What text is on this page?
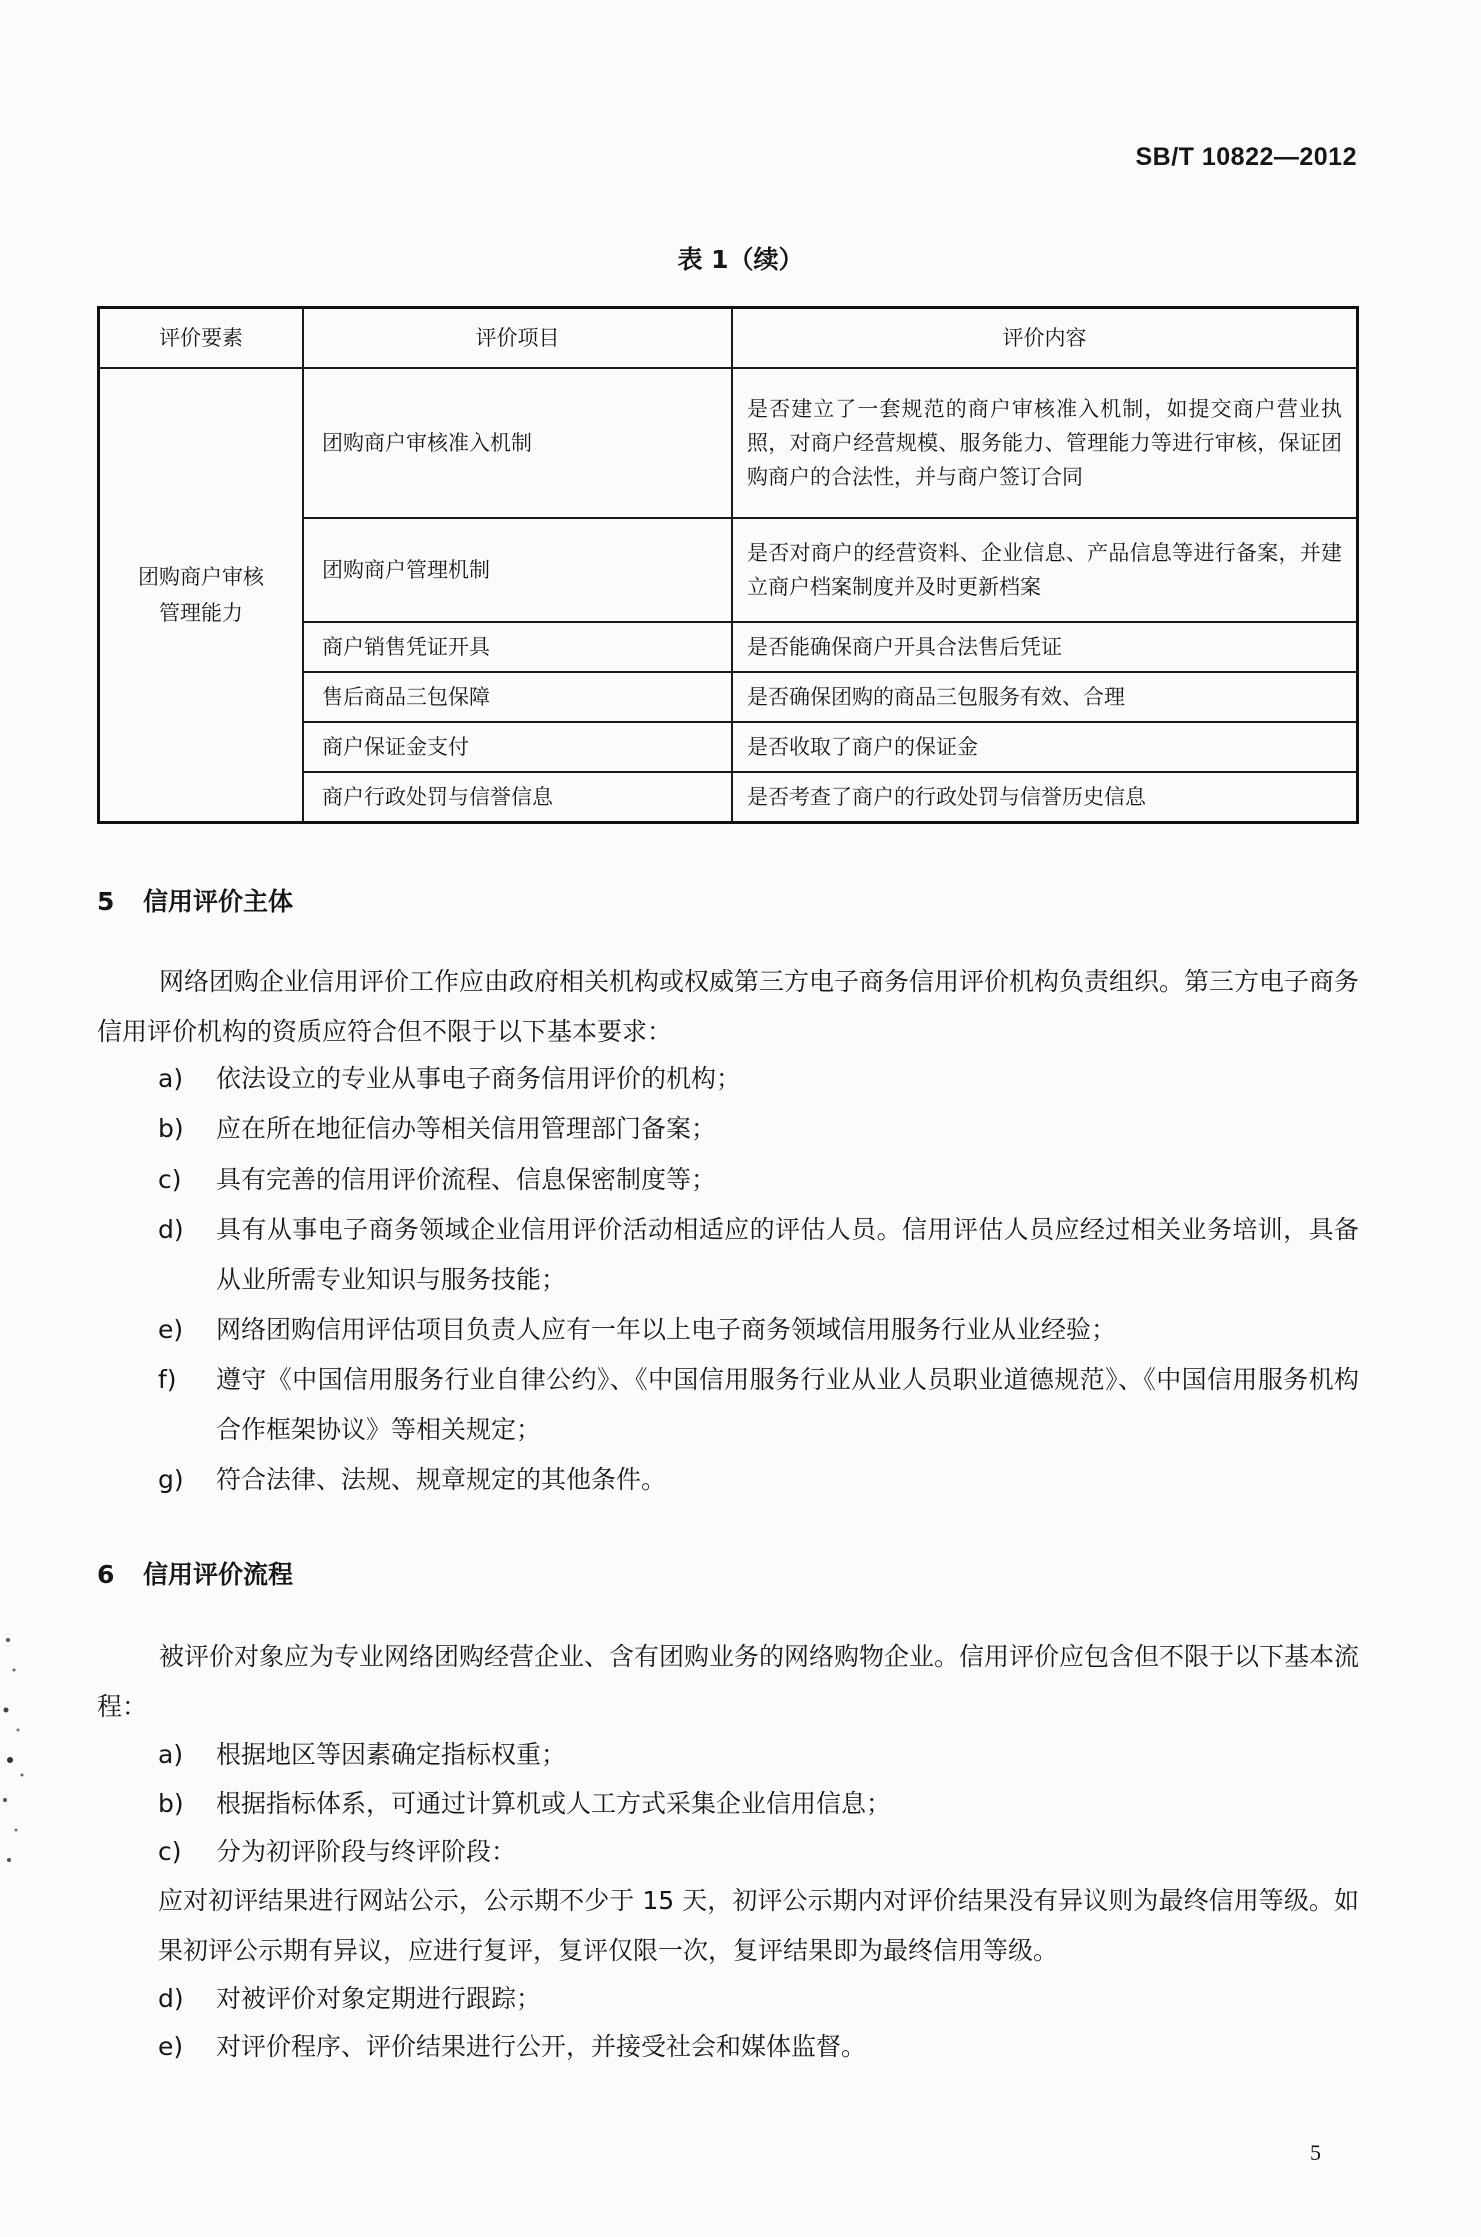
SB/T 10822—2012
表 1（续）
评价要素	评价项目	评价内容

团购商户审核管理能力	团购商户审核准入机制	是否建立了一套规范的商户审核准入机制，如提交商户营业执照，对商户经营规模、服务能力、管理能力等进行审核，保证团购商户的合法性，并与商户签订合同
	团购商户管理机制	是否对商户的经营资料、企业信息、产品信息等进行备案，并建立商户档案制度并及时更新档案
	商户销售凭证开具	是否能确保商户开具合法售后凭证
	售后商品三包保障	是否确保团购的商品三包服务有效、合理
	商户保证金支付	是否收取了商户的保证金
	商户行政处罚与信誉信息	是否考查了商户的行政处罚与信誉历史信息
5 信用评价主体
网络团购企业信用评价工作应由政府相关机构或权威第三方电子商务信用评价机构负责组织。第三方电子商务信用评价机构的资质应符合但不限于以下基本要求：
a)	依法设立的专业从事电子商务信用评价的机构；
b)	应在所在地征信办等相关信用管理部门备案；
c)	具有完善的信用评价流程、信息保密制度等；
d)	具有从事电子商务领域企业信用评价活动相适应的评估人员。信用评估人员应经过相关业务培训，具备从业所需专业知识与服务技能；
e)	网络团购信用评估项目负责人应有一年以上电子商务领域信用服务行业从业经验；
f)	遵守《中国信用服务行业自律公约》、《中国信用服务行业从业人员职业道德规范》、《中国信用服务机构合作框架协议》等相关规定；
g)	符合法律、法规、规章规定的其他条件。
6 信用评价流程
被评价对象应为专业网络团购经营企业、含有团购业务的网络购物企业。信用评价应包含但不限于以下基本流程：
a)	根据地区等因素确定指标权重；
b)	根据指标体系，可通过计算机或人工方式采集企业信用信息；
c)	分为初评阶段与终评阶段：
应对初评结果进行网站公示，公示期不少于 15 天，初评公示期内对评价结果没有异议则为最终信用等级。如果初评公示期有异议，应进行复评，复评仅限一次，复评结果即为最终信用等级。
d)	对被评价对象定期进行跟踪；
e)	对评价程序、评价结果进行公开，并接受社会和媒体监督。
5
